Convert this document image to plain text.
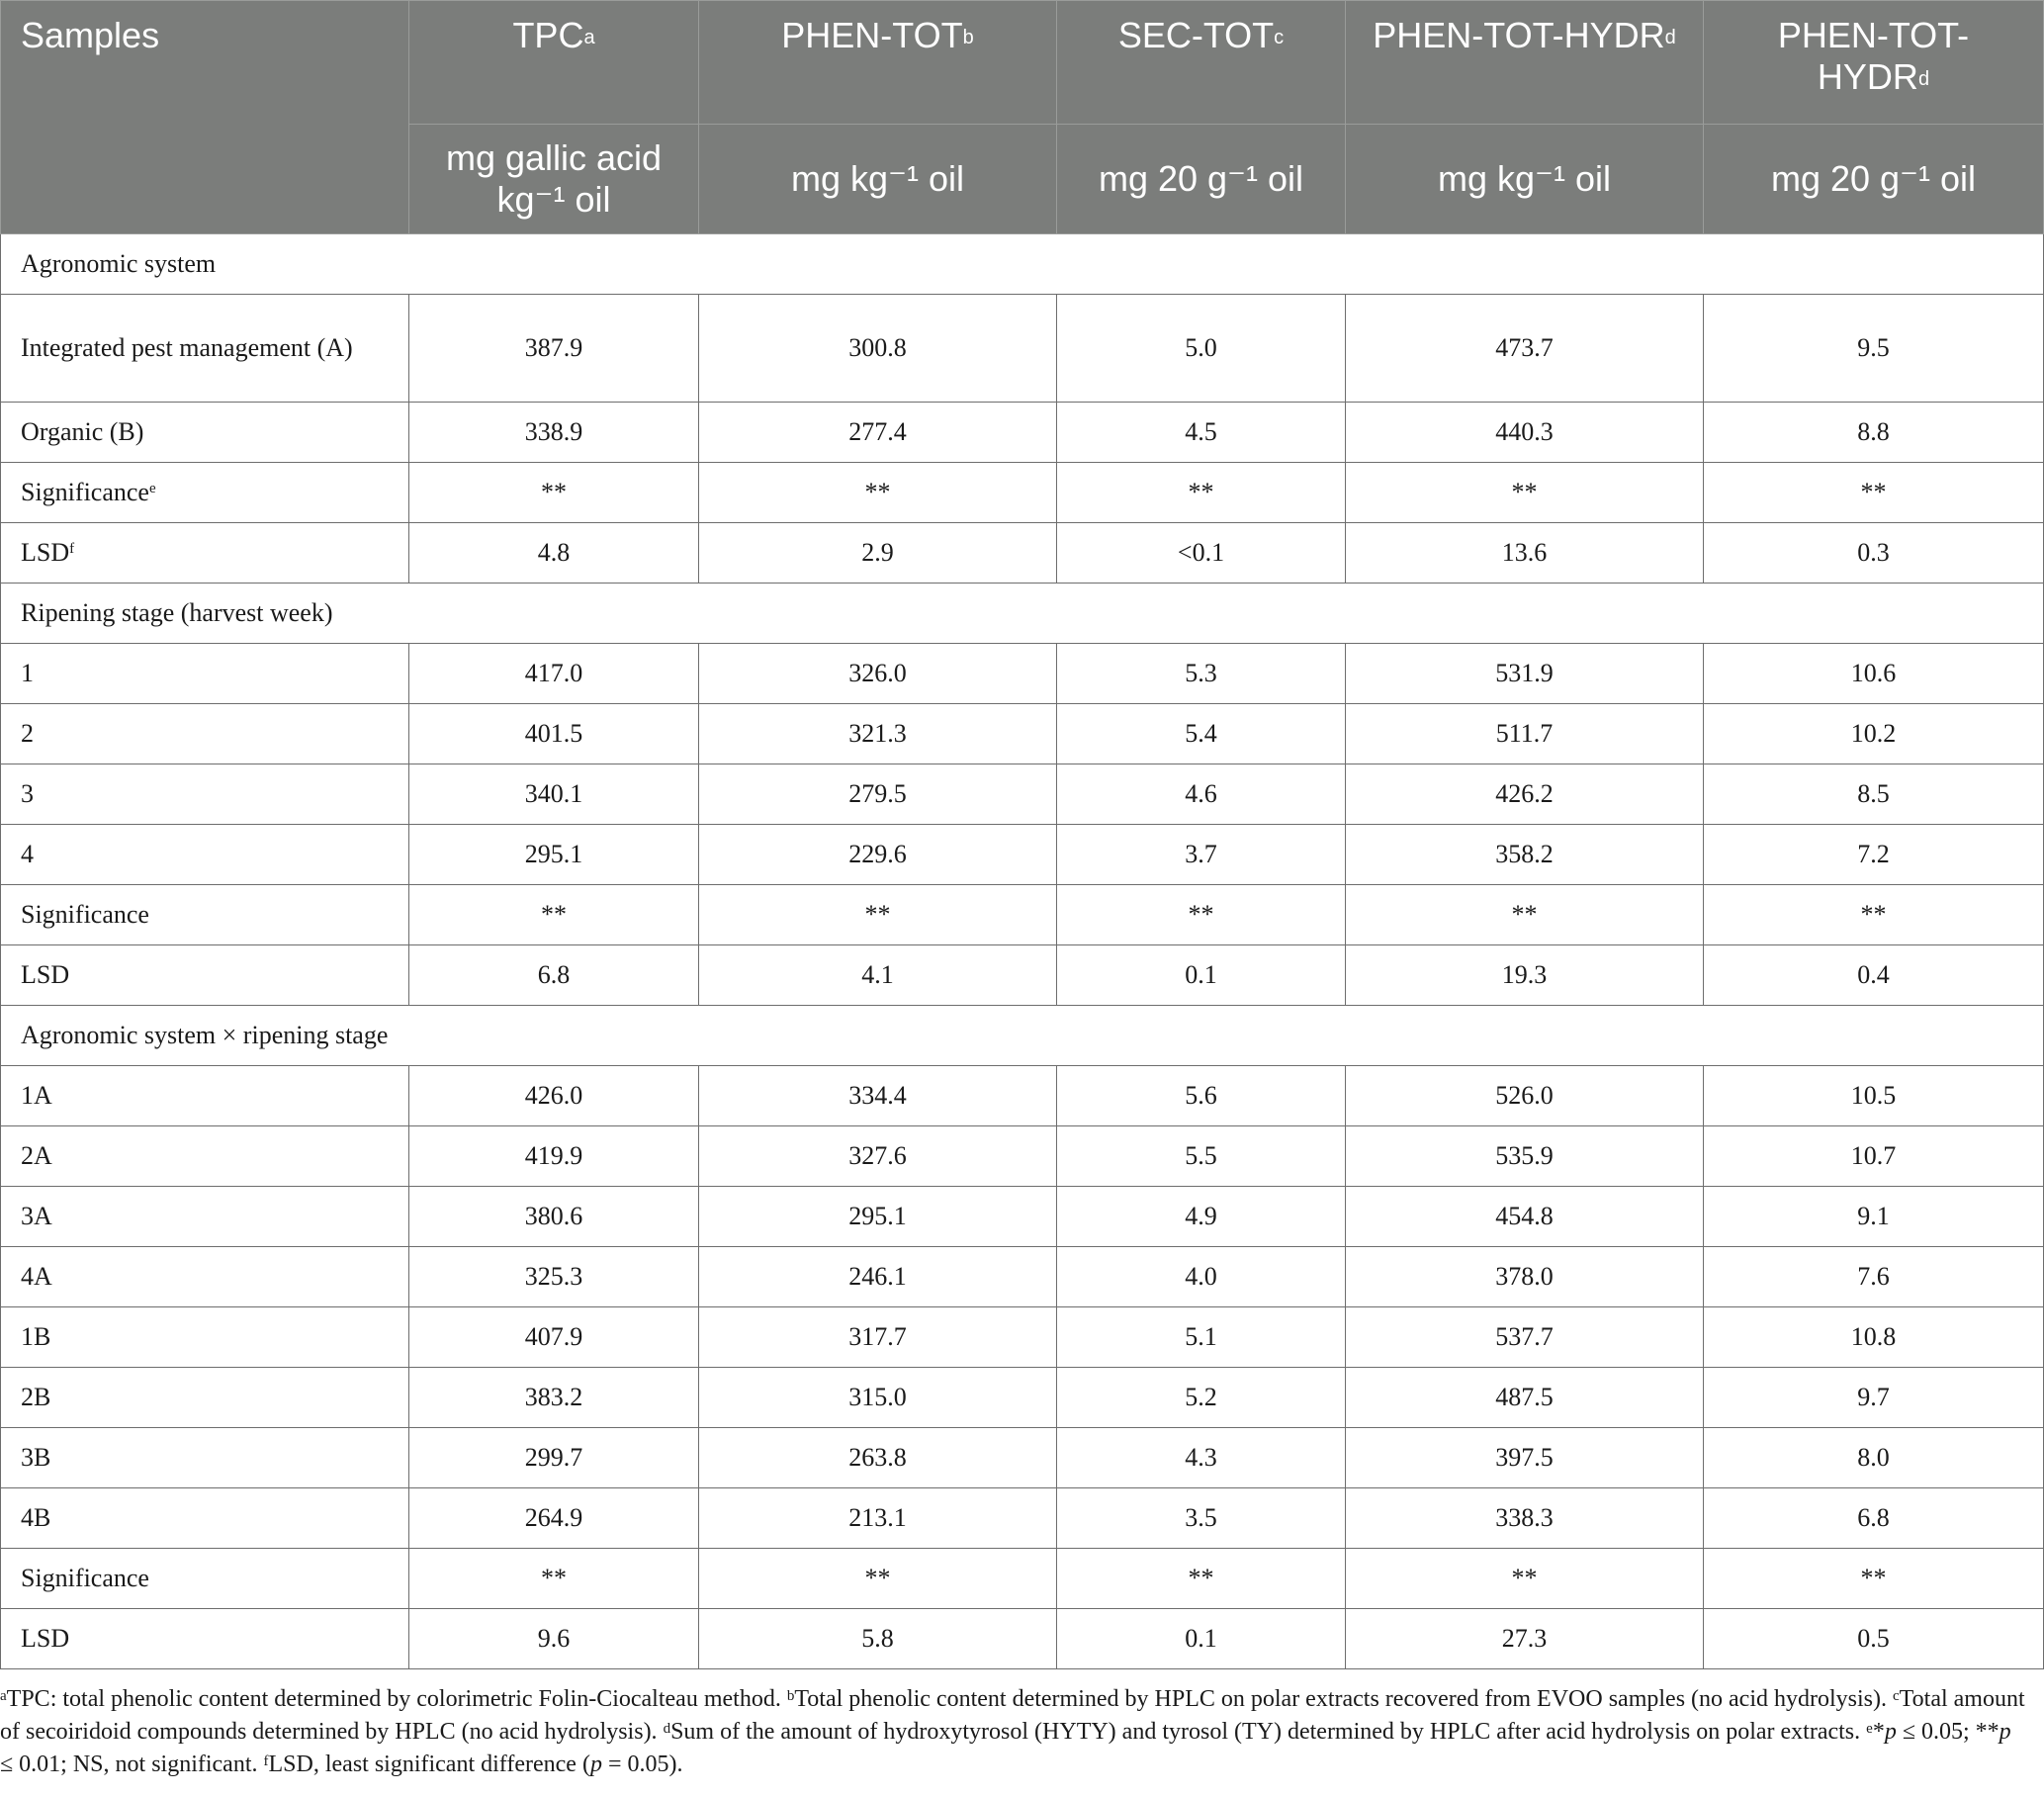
Samples	TPC$^a$	PHEN-TOT$^b$	SEC-TOT$^c$	PHEN-TOT-HYDR$^d$	PHEN-TOT-HYDR$^d$
	mg gallic acid kg⁻¹ oil	mg kg⁻¹ oil	mg 20 g⁻¹ oil	mg kg⁻¹ oil	mg 20 g⁻¹ oil
Agronomic system					
Integrated pest management (A)	387.9	300.8	5.0	473.7	9.5
Organic (B)	338.9	277.4	4.5	440.3	8.8
Significance$^e$	**	**	**	**	**
LSD$^f$	4.8	2.9	<0.1	13.6	0.3
Ripening stage (harvest week)					
1	417.0	326.0	5.3	531.9	10.6
2	401.5	321.3	5.4	511.7	10.2
3	340.1	279.5	4.6	426.2	8.5
4	295.1	229.6	3.7	358.2	7.2
Significance	**	**	**	**	**
LSD	6.8	4.1	0.1	19.3	0.4
Agronomic system × ripening stage					
1A	426.0	334.4	5.6	526.0	10.5
2A	419.9	327.6	5.5	535.9	10.7
3A	380.6	295.1	4.9	454.8	9.1
4A	325.3	246.1	4.0	378.0	7.6
1B	407.9	317.7	5.1	537.7	10.8
2B	383.2	315.0	5.2	487.5	9.7
3B	299.7	263.8	4.3	397.5	8.0
4B	264.9	213.1	3.5	338.3	6.8
Significance	**	**	**	**	**
LSD	9.6	5.8	0.1	27.3	0.5
$^a$TPC: total phenolic content determined by colorimetric Folin-Ciocalteau method. $^b$Total phenolic content determined by HPLC on polar extracts recovered from EVOO samples (no acid hydrolysis). $^c$Total amount of secoiridoid compounds determined by HPLC (no acid hydrolysis). $^d$Sum of the amount of hydroxytyrosol (HYTY) and tyrosol (TY) determined by HPLC after acid hydrolysis on polar extracts. $^e$*p ≤ 0.05; **p ≤ 0.01; NS, not significant. $^f$LSD, least significant difference (p = 0.05).
